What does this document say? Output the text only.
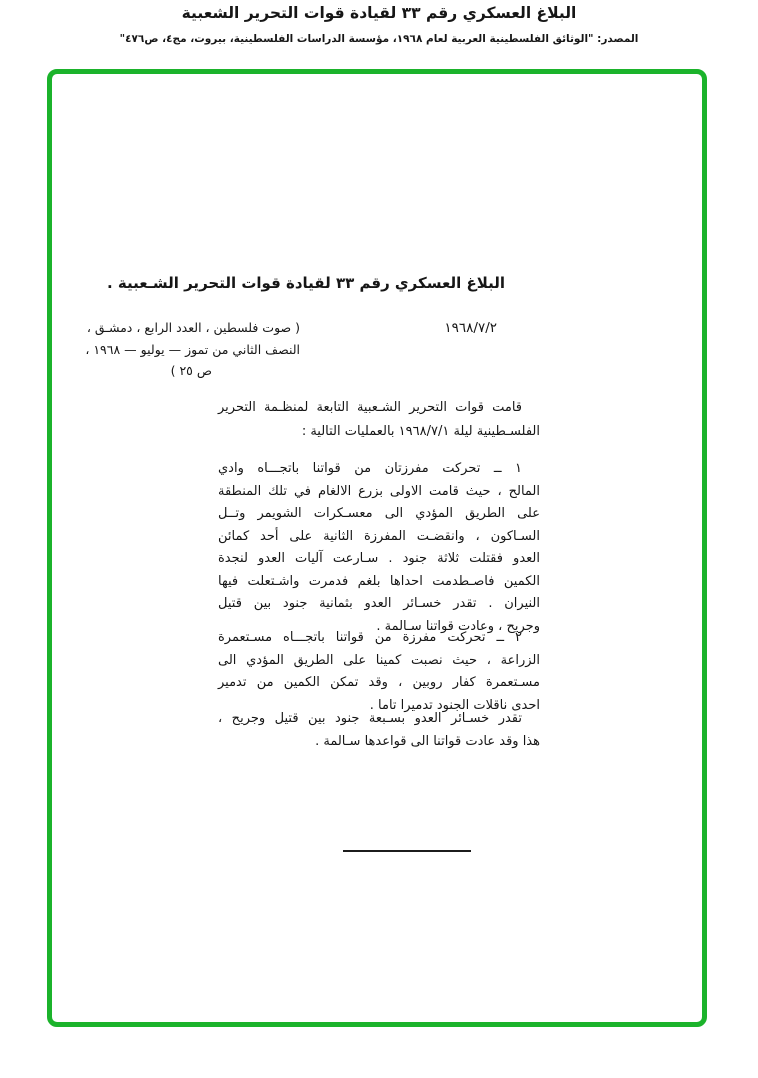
البلاغ العسكري رقم ٣٣ لقيادة قوات التحرير الشعبية
المصدر: "الوثائق الفلسطينية العربية لعام ١٩٦٨، مؤسسة الدراسات الفلسطينية، بيروت، مج٤، ص٤٧٦"
البلاغ العسكري رقم ٣٣ لقيادة قوات التحرير الشـعبية .
١٩٦٨/٧/٢
( صوت فلسطين ، العدد الرابع ، دمشـق ،
النصف الثاني من تموز — يوليو — ١٩٦٨ ،
ص ٢٥ )
قامت قوات التحرير الشـعبية التابعة لمنظـمة التحرير
الفلسـطينية ليلة ١٩٦٨/٧/١ بالعمليات التالية :
١ ــ تحركت مفرزتان من قواتنا باتجـــاه وادي
المالح ، حيث قامت الاولى بزرع الالغام في تلك المنطقة
على الطريق المؤدي الى معسـكرات الشويمر وتــل
السـاكون ، وانقضـت المفرزة الثانية على أحد كمائن
العدو فقتلت ثلاثة جنود . سـارعت آليات العدو لنجدة
الكمين فاصـطدمت احداها بلغم فدمرت واشـتعلت فيها
النيران . تقدر خسـائر العدو بثمانية جنود بين قتيل
وجريح ، وعادت قواتنا سـالمة .
٢ ــ تحركت مفرزة من قواتنا باتجـــاه مسـتعمرة
الزراعة ، حيث نصبت كمينا على الطريق المؤدي الى
مسـتعمرة كفار روبين ، وقد تمكن الكمين من تدمير
احدى ناقلات الجنود تدميرا تاما .
تقدر خسـائر العدو بسـبعة جنود بين قتيل وجريح ،
هذا وقد عادت قواتنا الى قواعدها سـالمة .
